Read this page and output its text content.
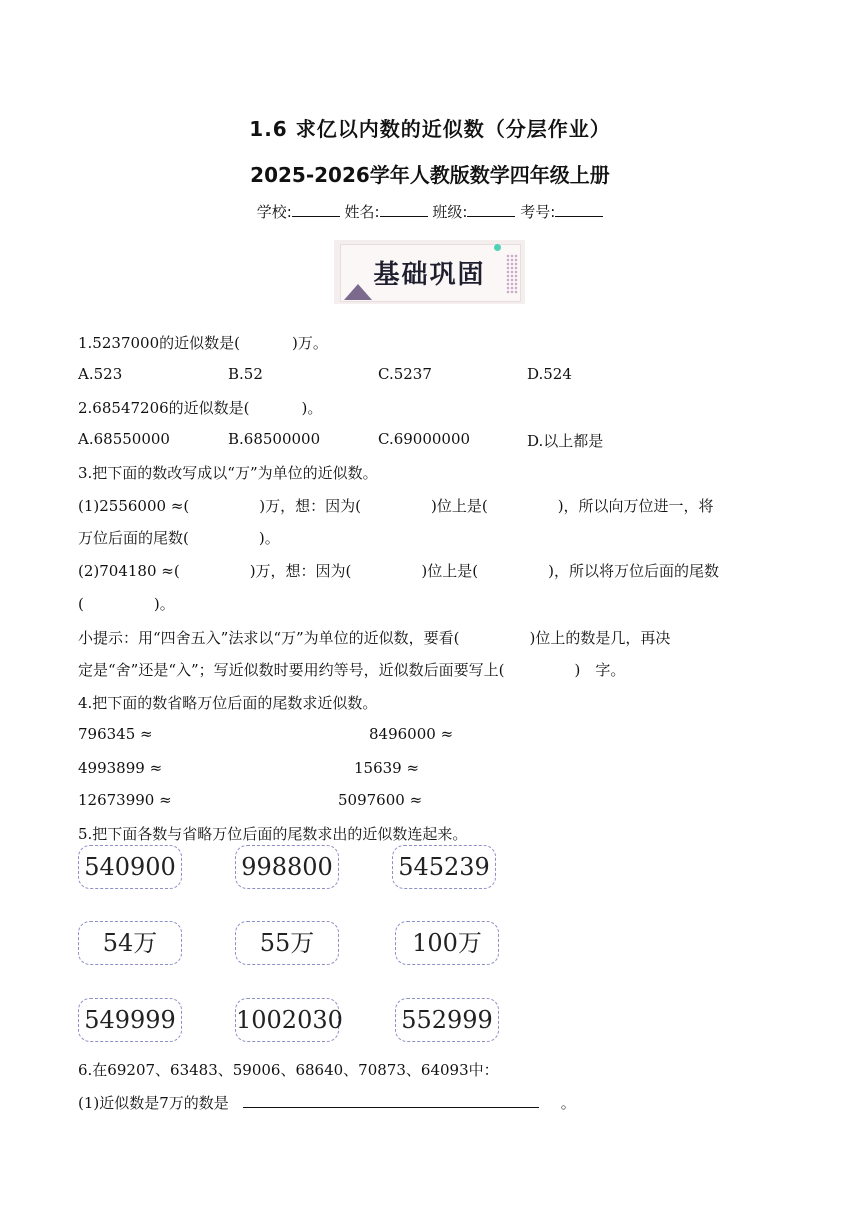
1.6 求亿以内数的近似数（分层作业）
2025-2026学年人教版数学四年级上册
学校:	姓名:	班级:	考号:
基础巩固
1.5237000的近似数是(	)万。
A.523	B.52	C.5237	D.524
2.68547206的近似数是(	)。
A.68550000	B.68500000	C.69000000	D.以上都是
3.把下面的数改写成以“万”为单位的近似数。
(1)2556000 ≈(	)万，想：因为(	)位上是(	)，所以向万位进一，将
万位后面的尾数(	)。
(2)704180 ≈(	)万，想：因为(	)位上是(	)，所以将万位后面的尾数
(	)。
小提示：用“四舍五入”法求以“万”为单位的近似数，要看(	)位上的数是几，再决
定是“舍”还是“入”；写近似数时要用约等号，近似数后面要写上(	)　字。
4.把下面的数省略万位后面的尾数求近似数。
796345 ≈	8496000 ≈
4993899 ≈	15639 ≈
12673990 ≈	5097600 ≈
5.把下面各数与省略万位后面的尾数求出的近似数连起来。
540900	998800	545239
54万	55万	100万
549999	1002030 552999
6.在69207、63483、59006、68640、70873、64093中：
(1)近似数是7万的数是	。
